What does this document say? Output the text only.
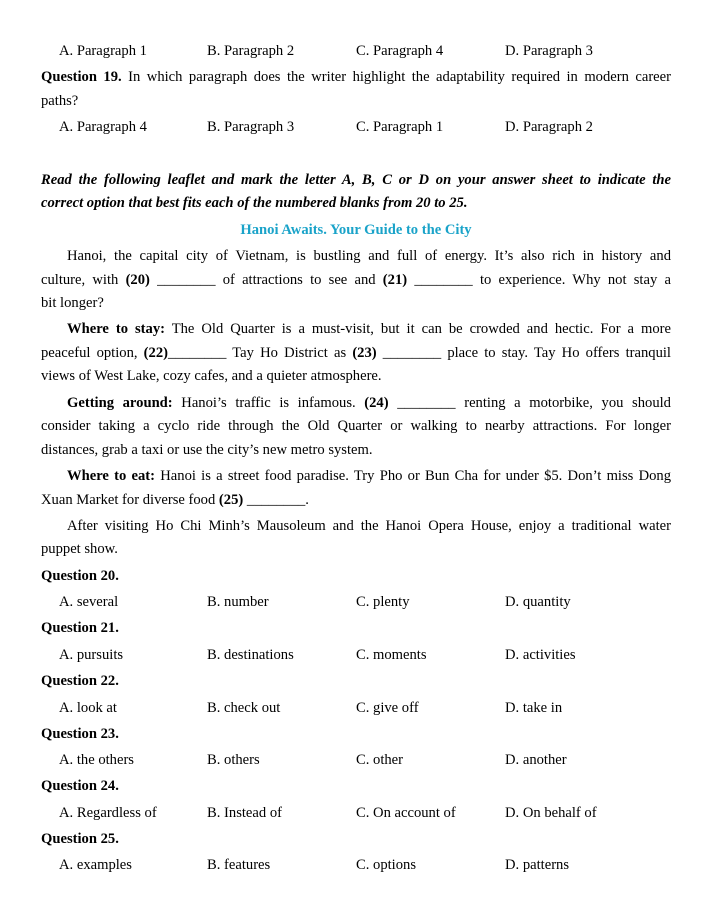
A. Paragraph 1	B. Paragraph 2	C. Paragraph 4	D. Paragraph 3
Question 19. In which paragraph does the writer highlight the adaptability required in modern career
paths?
A. Paragraph 4	B. Paragraph 3	C. Paragraph 1	D. Paragraph 2
Read the following leaflet and mark the letter A, B, C or D on your answer sheet to indicate the
correct option that best fits each of the numbered blanks from 20 to 25.
Hanoi Awaits. Your Guide to the City
Hanoi, the capital city of Vietnam, is bustling and full of energy. It’s also rich in history and
culture, with (20) ________ of attractions to see and (21) ________ to experience. Why not stay a
bit longer?
Where to stay: The Old Quarter is a must-visit, but it can be crowded and hectic. For a more
peaceful option, (22)________ Tay Ho District as (23) ________ place to stay. Tay Ho offers tranquil
views of West Lake, cozy cafes, and a quieter atmosphere.
Getting around: Hanoi’s traffic is infamous. (24) ________ renting a motorbike, you should
consider taking a cyclo ride through the Old Quarter or walking to nearby attractions. For longer
distances, grab a taxi or use the city’s new metro system.
Where to eat: Hanoi is a street food paradise. Try Pho or Bun Cha for under $5. Don’t miss Dong
Xuan Market for diverse food (25) ________.
After visiting Ho Chi Minh’s Mausoleum and the Hanoi Opera House, enjoy a traditional water
puppet show.
Question 20.
A. several	B. number	C. plenty	D. quantity
Question 21.
A. pursuits	B. destinations	C. moments	D. activities
Question 22.
A. look at	B. check out	C. give off	D. take in
Question 23.
A. the others	B. others	C. other	D. another
Question 24.
A. Regardless of	B. Instead of	C. On account of	D. On behalf of
Question 25.
A. examples	B. features	C. options	D. patterns
